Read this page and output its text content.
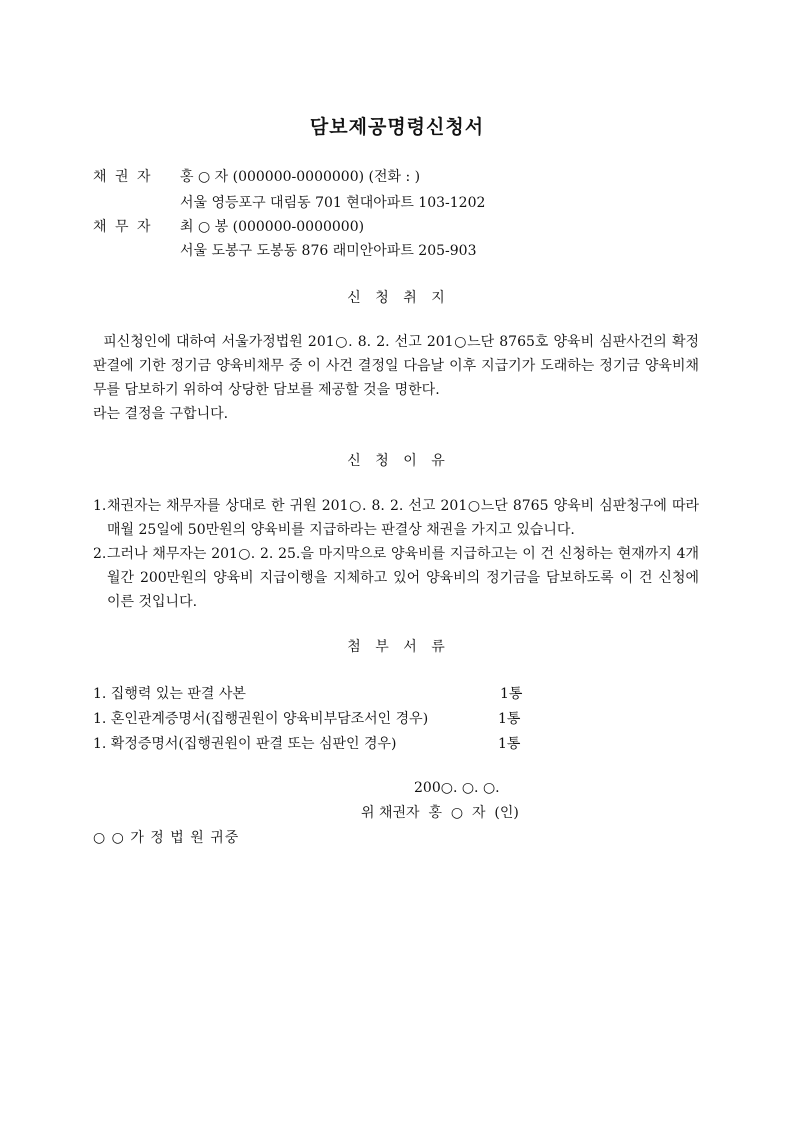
담보제공명령신청서
채 권 자	홍 ○ 자 (000000-0000000) (전화 : )
서울 영등포구 대림동 701 현대아파트 103-1202
채 무 자	최 ○ 봉 (000000-0000000)
서울 도봉구 도봉동 876 래미안아파트 205-903
신 청 취 지
피신청인에 대하여 서울가정법원 201○. 8. 2. 선고 201○느단 8765호 양육비 심판사건의 확정판결에 기한 정기금 양육비채무 중 이 사건 결정일 다음날 이후 지급기가 도래하는 정기금 양육비채무를 담보하기 위하여 상당한 담보를 제공할 것을 명한다.
라는 결정을 구합니다.
신 청 이 유
1. 채권자는 채무자를 상대로 한 귀원 201○. 8. 2. 선고 201○느단 8765 양육비 심판청구에 따라 매월 25일에 50만원의 양육비를 지급하라는 판결상 채권을 가지고 있습니다.
2. 그러나 채무자는 201○. 2. 25.을 마지막으로 양육비를 지급하고는 이 건 신청하는 현재까지 4개월간 200만원의 양육비 지급이행을 지체하고 있어 양육비의 정기금을 담보하도록 이 건 신청에 이른 것입니다.
첨 부 서 류
1. 집행력 있는 판결 사본	1통
1. 혼인관계증명서(집행권원이 양육비부담조서인 경우)	1통
1. 확정증명서(집행권원이 판결 또는 심판인 경우)	1통
200○. ○. ○.
위 채권자  홍  ○  자  (인)
○ ○ 가 정 법 원 귀중
